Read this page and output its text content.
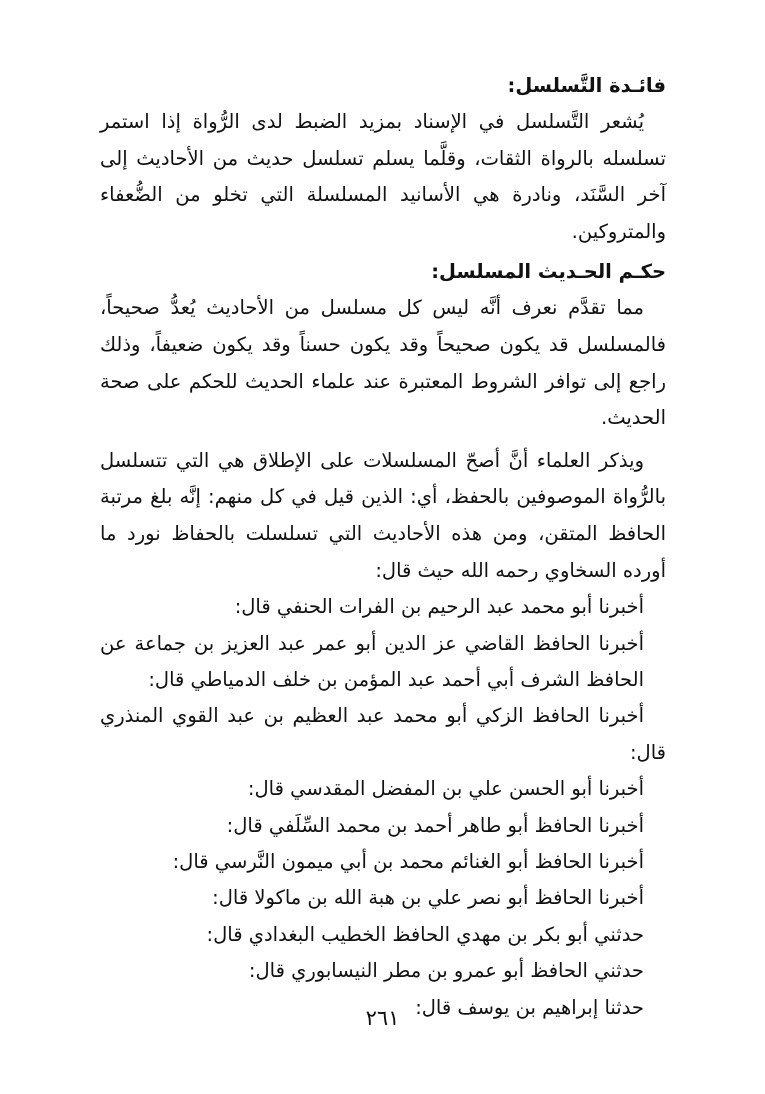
فائـدة التَّسلسل:

يُشعر التَّسلسل في الإسناد بمزيد الضبط لدى الرُّواة إذا استمر تسلسله بالرواة الثقات، وقلَّما يسلم تسلسل حديث من الأحاديث إلى آخر السَّنَد، ونادرة هي الأسانيد المسلسلة التي تخلو من الضُّعفاء والمتروكين.

حكـم الحـديث المسلسل:

مما تقدَّم نعرف أنَّه ليس كل مسلسل من الأحاديث يُعدُّ صحيحاً، فالمسلسل قد يكون صحيحاً وقد يكون حسناً وقد يكون ضعيفاً، وذلك راجع إلى توافر الشروط المعتبرة عند علماء الحديث للحكم على صحة الحديث.

ويذكر العلماء أنَّ أصحّ المسلسلات على الإطلاق هي التي تتسلسل بالرُّواة الموصوفين بالحفظ، أي: الذين قيل في كل منهم: إنَّه بلغ مرتبة الحافظ المتقن، ومن هذه الأحاديث التي تسلسلت بالحفاظ نورد ما أورده السخاوي رحمه الله حيث قال:

أخبرنا أبو محمد عبد الرحيم بن الفرات الحنفي قال:
أخبرنا الحافظ القاضي عز الدين أبو عمر عبد العزيز بن جماعة عن الحافظ الشرف أبي أحمد عبد المؤمن بن خلف الدمياطي قال:
أخبرنا الحافظ الزكي أبو محمد عبد العظيم بن عبد القوي المنذري قال:
أخبرنا أبو الحسن علي بن المفضل المقدسي قال:
أخبرنا الحافظ أبو طاهر أحمد بن محمد السِّلَفي قال:
أخبرنا الحافظ أبو الغنائم محمد بن أبي ميمون النَّرسي قال:
أخبرنا الحافظ أبو نصر علي بن هبة الله بن ماكولا قال:
حدثني أبو بكر بن مهدي الحافظ الخطيب البغدادي قال:
حدثني الحافظ أبو عمرو بن مطر النيسابوري قال:
حدثنا إبراهيم بن يوسف قال:
٢٦١
